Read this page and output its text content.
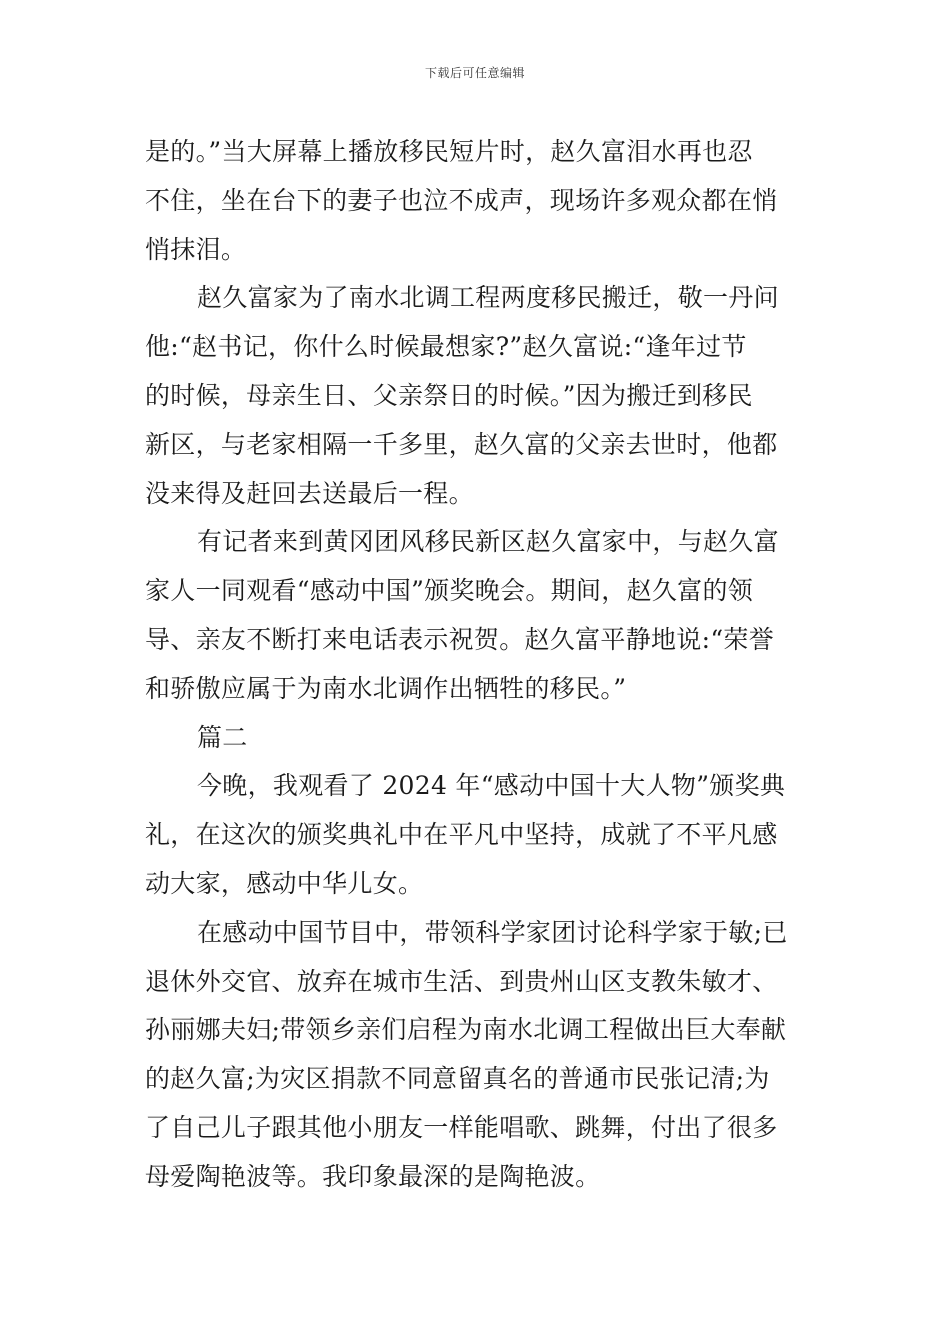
下载后可任意编辑
是的。”当大屏幕上播放移民短片时，赵久富泪水再也忍
不住，坐在台下的妻子也泣不成声，现场许多观众都在悄
悄抹泪。
赵久富家为了南水北调工程两度移民搬迁，敬一丹问
他:“赵书记，你什么时候最想家?”赵久富说:“逢年过节
的时候，母亲生日、父亲祭日的时候。”因为搬迁到移民
新区，与老家相隔一千多里，赵久富的父亲去世时，他都
没来得及赶回去送最后一程。
有记者来到黄冈团风移民新区赵久富家中，与赵久富
家人一同观看“感动中国”颁奖晚会。期间，赵久富的领
导、亲友不断打来电话表示祝贺。赵久富平静地说:“荣誉
和骄傲应属于为南水北调作出牺牲的移民。”
篇二
今晚，我观看了 2024 年“感动中国十大人物”颁奖典
礼，在这次的颁奖典礼中在平凡中坚持，成就了不平凡感
动大家，感动中华儿女。
在感动中国节目中，带领科学家团讨论科学家于敏;已
退休外交官、放弃在城市生活、到贵州山区支教朱敏才、
孙丽娜夫妇;带领乡亲们启程为南水北调工程做出巨大奉献
的赵久富;为灾区捐款不同意留真名的普通市民张记清;为
了自己儿子跟其他小朋友一样能唱歌、跳舞，付出了很多
母爱陶艳波等。我印象最深的是陶艳波。
